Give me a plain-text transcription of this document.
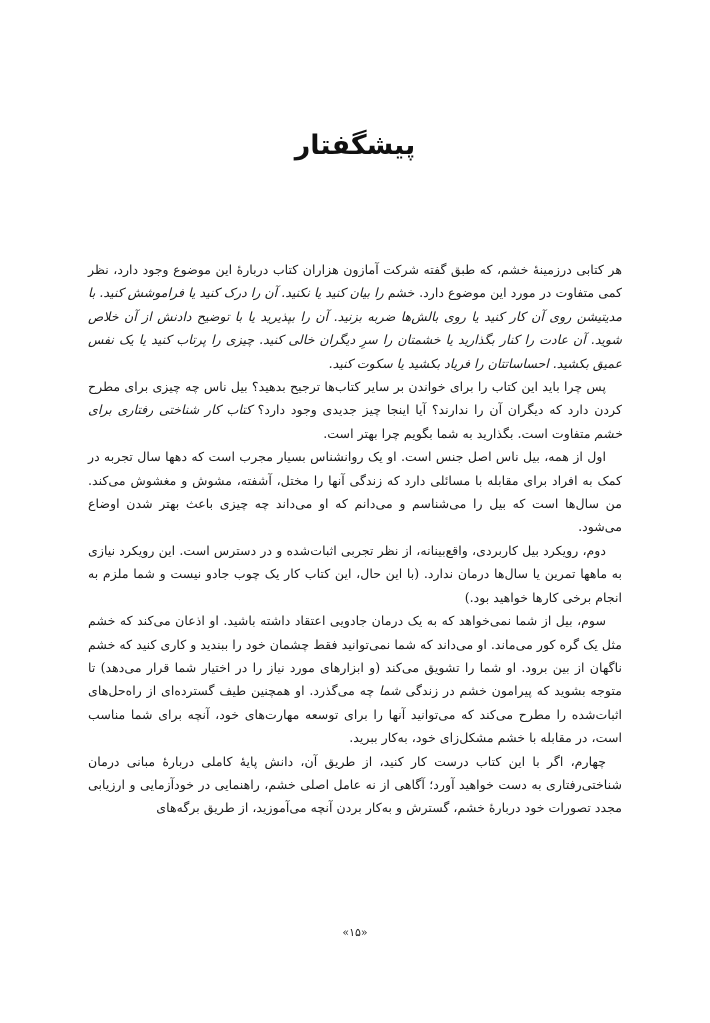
پیشگفتار

هر کتابی درزمینهٔ خشم، که طبق گفته شرکت آمازون هزاران کتاب دربارهٔ این موضوع وجود دارد، نظر کمی متفاوت در مورد این موضوع دارد. خشم را بیان کنید یا نکنید. آن را درک کنید یا فراموشش کنید. با مدیتیشن روی آن کار کنید یا روی بالش‌ها ضربه بزنید. آن را بپذیرید یا با توضیح دادنش از آن خلاص شوید. آن عادت را کنار بگذارید یا خشمتان را سرِ دیگران خالی کنید. چیزی را پرتاب کنید یا یک نفس عمیق بکشید. احساساتتان را فریاد بکشید یا سکوت کنید.

پس چرا باید این کتاب را برای خواندن بر سایر کتاب‌ها ترجیح بدهید؟ بیل ناس چه چیزی برای مطرح کردن دارد که دیگران آن را ندارند؟ آیا اینجا چیز جدیدی وجود دارد؟ کتاب کار شناختی رفتاری برای خشم متفاوت است. بگذارید به شما بگویم چرا بهتر است.

اول از همه، بیل ناس اصل جنس است. او یک روانشناس بسیار مجرب است که دهها سال تجربه در کمک به افراد برای مقابله با مسائلی دارد که زندگی آنها را مختل، آشفته، مشوش و مغشوش می‌کند. من سال‌ها است که بیل را می‌شناسم و می‌دانم که او می‌داند چه چیزی باعث بهتر شدن اوضاع می‌شود.

دوم، رویکرد بیل کاربردی، واقع‌بینانه، از نظر تجربی اثبات‌شده و در دسترس است. این رویکرد نیازی به ماهها تمرین یا سال‌ها درمان ندارد. (با این حال، این کتاب کار یک چوب جادو نیست و شما ملزم به انجام برخی کارها خواهید بود.)

سوم، بیل از شما نمی‌خواهد که به یک درمان جادویی اعتقاد داشته باشید. او اذعان می‌کند که خشم مثل یک گره کور می‌ماند. او می‌داند که شما نمی‌توانید فقط چشمان خود را ببندید و کاری کنید که خشم ناگهان از بین برود. او شما را تشویق می‌کند (و ابزارهای مورد نیاز را در اختیار شما قرار می‌دهد) تا متوجه بشوید که پیرامون خشم در زندگی شما چه می‌گذرد. او همچنین طیف گسترده‌ای از راه‌حل‌های اثبات‌شده را مطرح می‌کند که می‌توانید آنها را برای توسعه مهارت‌های خود، آنچه برای شما مناسب است، در مقابله با خشم مشکل‌زای خود، به‌کار ببرید.

چهارم، اگر با این کتاب درست کار کنید، از طریق آن، دانش پایهٔ کاملی دربارهٔ مبانی درمان شناختی‌رفتاری به دست خواهید آورد؛ آگاهی از نه عامل اصلی خشم، راهنمایی در خودآزمایی و ارزیابی مجدد تصورات خود دربارهٔ خشم، گسترش و به‌کار بردن آنچه می‌آموزید، از طریق برگه‌های

«۱۵»
